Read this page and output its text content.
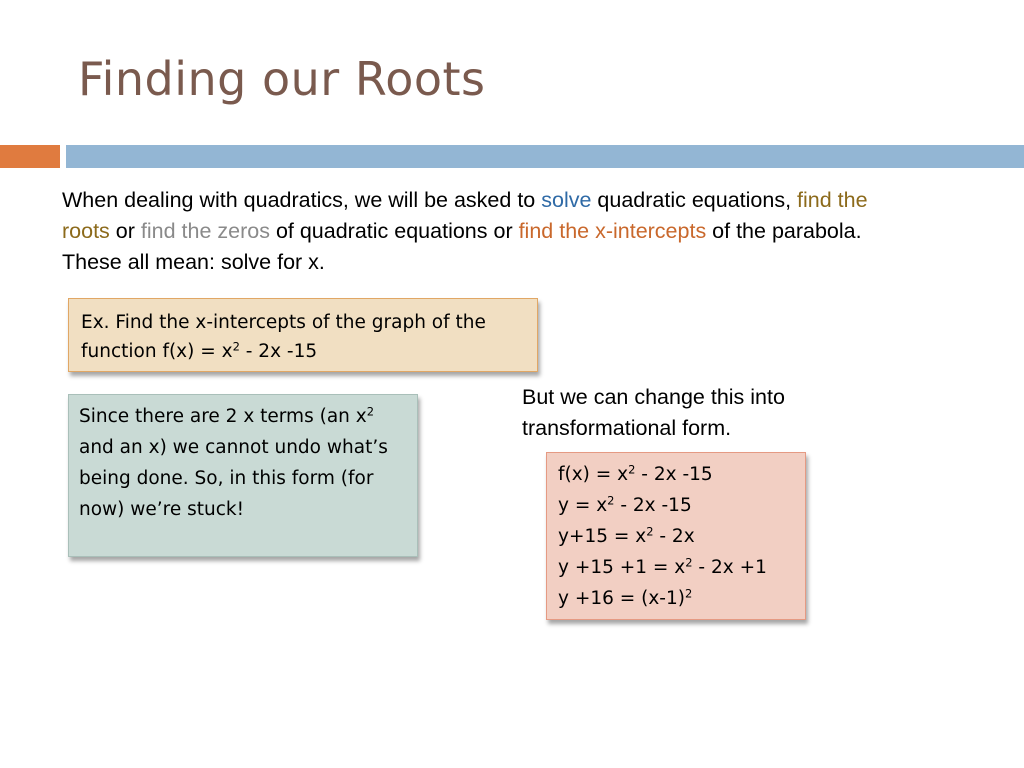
Finding our Roots
When dealing with quadratics, we will be asked to solve quadratic equations, find the roots or find the zeros of quadratic equations or find the x-intercepts of the parabola. These all mean: solve for x.
Ex. Find the x-intercepts of the graph of the function $f(x) = x^2 - 2x$ -15
Since there are 2 x terms (an $x^2$ and an x) we cannot undo what’s being done. So, in this form (for now) we’re stuck!
But we can change this into transformational form.
$f(x) = x^2 - 2x$ -15
$y = x^2 - 2x$ -15
$y+15 = x^2 - 2x$
$y +15 +1 = x^2 - 2x +1$
$y +16 = (x-1)^2$
